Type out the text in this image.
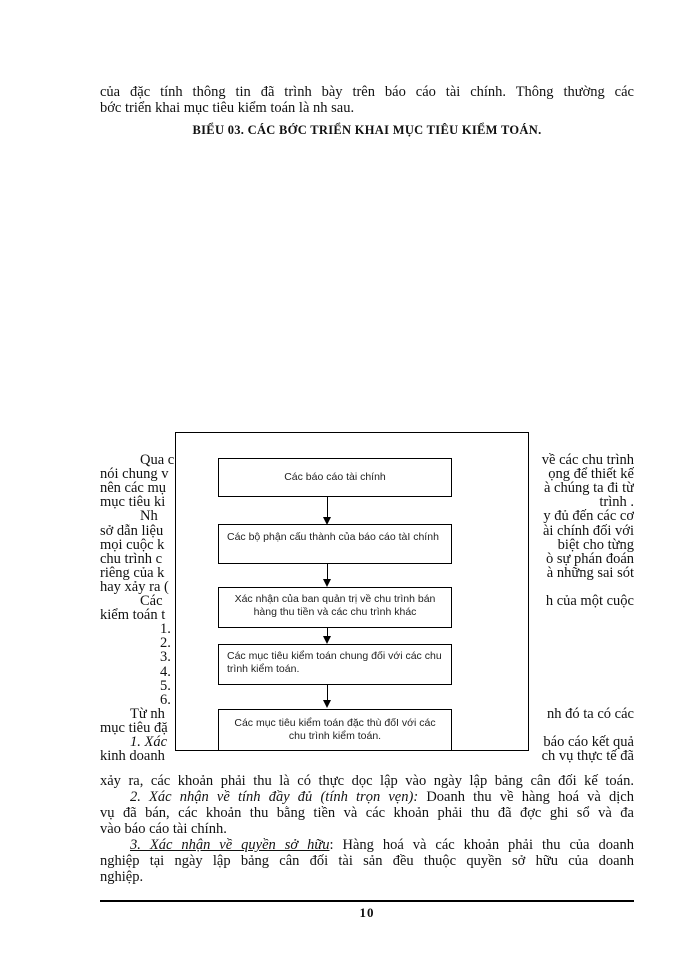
của đặc tính thông tin đã trình bày trên báo cáo tài chính. Thông thường các
bớc triển khai mục tiêu kiểm toán là nh sau.
BIỂU 03. CÁC BỚC TRIỂN KHAI MỤC TIÊU KIỂM TOÁN.
Qua c	về các chu trình
nói chung v	ọng để thiết kế
nên các mụ	à chúng ta đi từ
mục tiêu ki	trình .
Nh	y đủ đến các cơ
sở dẫn liệu	ài chính đối với
mọi cuộc k	biệt cho từng
chu trình c	ò sự phán đoán
riêng của k	à những sai sót
hay xảy ra (
Các	h của một cuộc
kiểm toán t
1.
2.
3.
4.
5.
6.
Từ nh	nh đó ta có các
mục tiêu đặ
1. Xác	báo cáo kết quả
kinh doanh	ch vụ thực tế đã
xảy ra, các khoản phải thu là có thực dọc lập vào ngày lập bảng cân đối kế toán.
2. Xác nhận về tính đầy đủ (tính trọn vẹn): Doanh thu về hàng hoá và dịch
vụ đã bán, các khoản thu bằng tiền và các khoản phải thu đã đợc ghi sổ và đa
vào báo cáo tài chính.
3. Xác nhận về quyền sở hữu: Hàng hoá và các khoản phải thu của doanh
nghiệp tại ngày lập bảng cân đối tài sản đều thuộc quyền sở hữu của doanh
nghiệp.
Các báo cáo tài chính
Các bộ phận cấu thành của báo cáo tàI chính
Xác nhận của ban quản trị về chu trình bán hàng thu tiền và các chu trình khác
Các mục tiêu kiểm toán chung đối với các chu trình kiểm toán.
Các mục tiêu kiểm toán đặc thù đốI với các chu trình kiểm toán.
10
